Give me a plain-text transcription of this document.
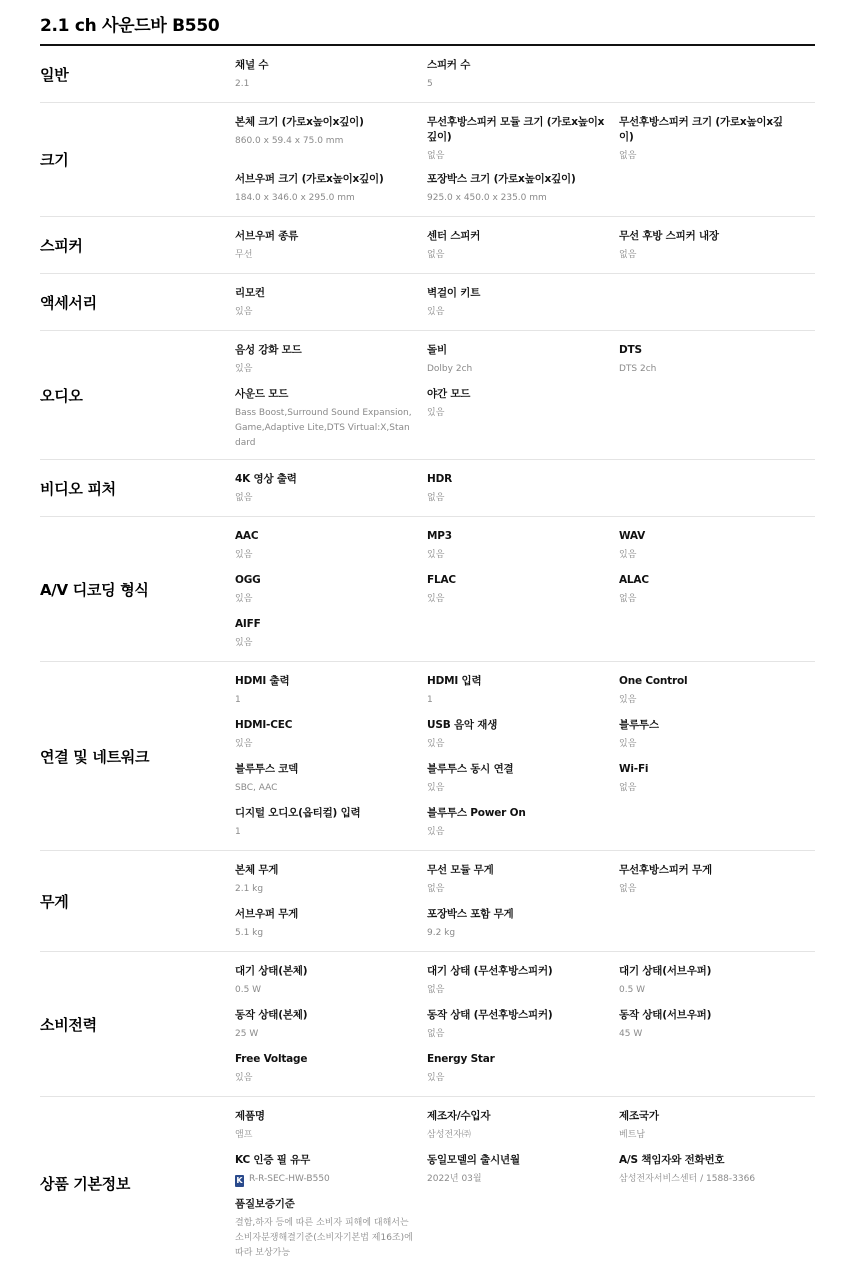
2.1 ch 사운드바 B550
일반
채널 수
2.1
스피커 수
5
크기
본체 크기 (가로x높이x깊이)
860.0 x 59.4 x 75.0 mm
무선후방스피커 모듈 크기 (가로x높이x깊이)
없음
무선후방스피커 크기 (가로x높이x깊이)
없음
서브우퍼 크기 (가로x높이x깊이)
184.0 x 346.0 x 295.0 mm
포장박스 크기 (가로x높이x깊이)
925.0 x 450.0 x 235.0 mm
스피커
서브우퍼 종류
무선
센터 스피커
없음
무선 후방 스피커 내장
없음
액세서리
리모컨
있음
벽걸이 키트
있음
오디오
음성 강화 모드
있음
돌비
Dolby 2ch
DTS
DTS 2ch
사운드 모드
Bass Boost,Surround Sound Expansion,Game,Adaptive Lite,DTS Virtual:X,Standard
야간 모드
있음
비디오 피처
4K 영상 출력
없음
HDR
없음
A/V 디코딩 형식
AAC
있음
MP3
있음
WAV
있음
OGG
있음
FLAC
있음
ALAC
없음
AIFF
있음
연결 및 네트워크
HDMI 출력
1
HDMI 입력
1
One Control
있음
HDMI-CEC
있음
USB 음악 재생
있음
블루투스
있음
블루투스 코덱
SBC, AAC
블루투스 동시 연결
있음
Wi-Fi
없음
디지털 오디오(옵티컬) 입력
1
블루투스 Power On
있음
무게
본체 무게
2.1 kg
무선 모듈 무게
없음
무선후방스피커 무게
없음
서브우퍼 무게
5.1 kg
포장박스 포함 무게
9.2 kg
소비전력
대기 상태(본체)
0.5 W
대기 상태 (무선후방스피커)
없음
대기 상태(서브우퍼)
0.5 W
동작 상태(본체)
25 W
동작 상태 (무선후방스피커)
없음
동작 상태(서브우퍼)
45 W
Free Voltage
있음
Energy Star
있음
상품 기본정보
제품명
앰프
제조자/수입자
삼성전자㈜
제조국가
베트남
KC 인증 필 유무
K R-R-SEC-HW-B550
동일모델의 출시년월
2022년 03월
A/S 책임자와 전화번호
삼성전자서비스센터 / 1588-3366
품질보증기준
결함,하자 등에 따른 소비자 피해에 대해서는 소비자분쟁해결기준(소비자기본법 제16조)에 따라 보상가능
